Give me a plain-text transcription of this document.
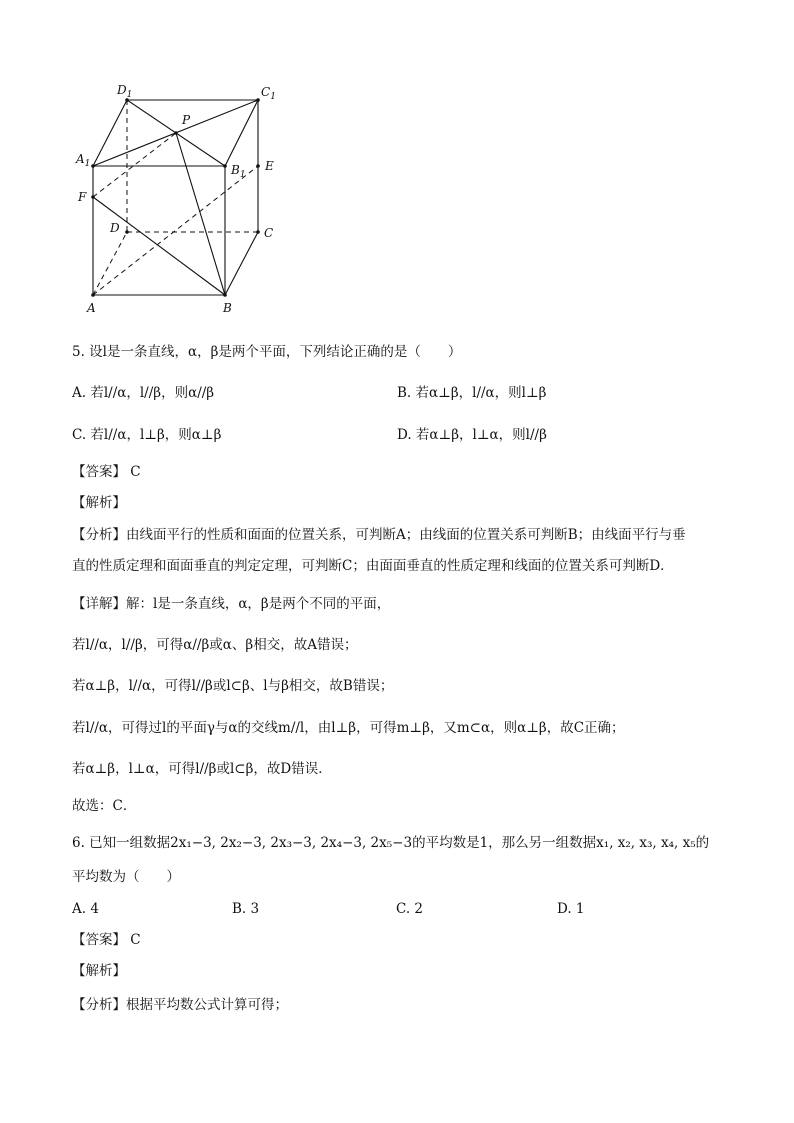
$D_1$	$C_1$
$A_1$	$B_1$
P
E
F
D	C
A	B
5. 设l是一条直线，α，β是两个平面，下列结论正确的是（　　）
A. 若l//α，l//β，则α//β	B. 若α⊥β，l//α，则l⊥β
C. 若l//α，l⊥β，则α⊥β	D. 若α⊥β，l⊥α，则l//β
【答案】 C
【解析】
【分析】由线面平行的性质和面面的位置关系，可判断A；由线面的位置关系可判断B；由线面平行与垂
直的性质定理和面面垂直的判定定理，可判断C；由面面垂直的性质定理和线面的位置关系可判断D．
【详解】解：l是一条直线，α，β是两个不同的平面，
若l//α，l//β，可得α//β或α、β相交，故A错误；
若α⊥β，l//α，可得l//β或l⊂β、l与β相交，故B错误；
若l//α，可得过l的平面γ与α的交线m//l，由l⊥β，可得m⊥β，又m⊂α，则α⊥β，故C正确；
若α⊥β，l⊥α，可得l//β或l⊂β，故D错误．
故选：C．
6. 已知一组数据2x₁−3, 2x₂−3, 2x₃−3, 2x₄−3, 2x₅−3的平均数是1，那么另一组数据x₁, x₂, x₃, x₄, x₅的
平均数为（　　）
A. 4	B. 3	C. 2	D. 1
【答案】 C
【解析】
【分析】根据平均数公式计算可得；
